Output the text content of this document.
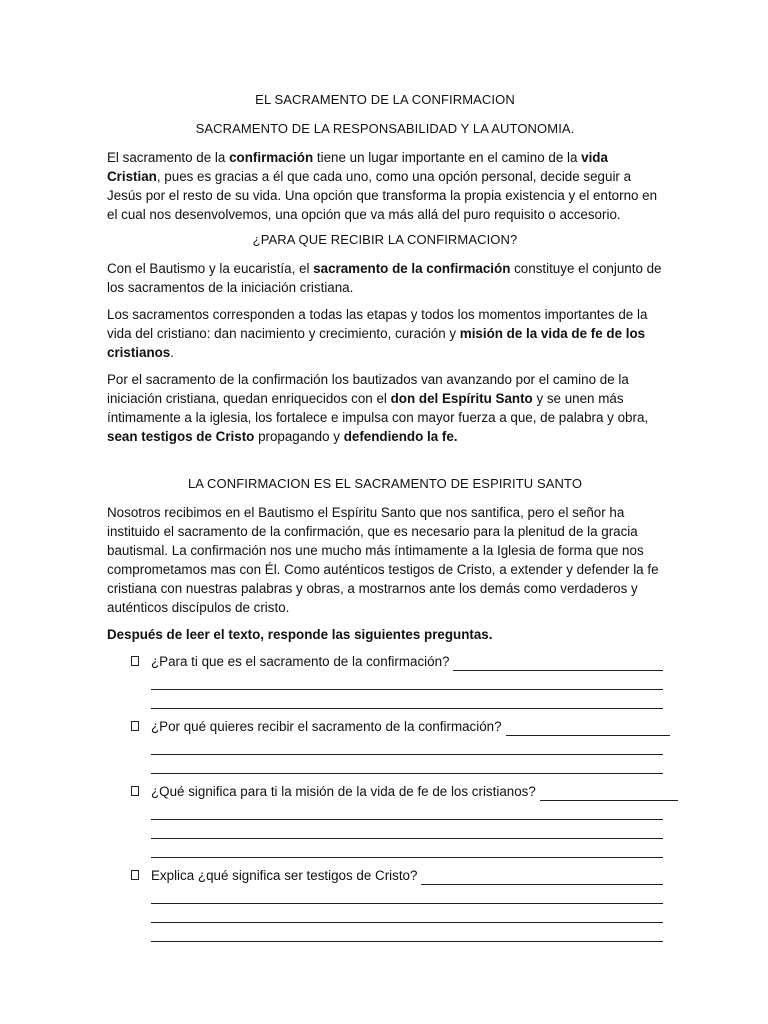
EL SACRAMENTO DE LA CONFIRMACION

SACRAMENTO DE LA RESPONSABILIDAD Y LA AUTONOMIA.

El sacramento de la confirmación tiene un lugar importante en el camino de la vida Cristian, pues es gracias a él que cada uno, como una opción personal, decide seguir a Jesús por el resto de su vida. Una opción que transforma la propia existencia y el entorno en el cual nos desenvolvemos, una opción que va más allá del puro requisito o accesorio.

¿PARA QUE RECIBIR LA CONFIRMACION?

Con el Bautismo y la eucaristía, el sacramento de la confirmación constituye el conjunto de los sacramentos de la iniciación cristiana.

Los sacramentos corresponden a todas las etapas y todos los momentos importantes de la vida del cristiano: dan nacimiento y crecimiento, curación y misión de la vida de fe de los cristianos.

Por el sacramento de la confirmación los bautizados van avanzando por el camino de la iniciación cristiana, quedan enriquecidos con el don del Espíritu Santo y se unen más íntimamente a la iglesia, los fortalece e impulsa con mayor fuerza a que, de palabra y obra, sean testigos de Cristo propagando y defendiendo la fe.

LA CONFIRMACION ES EL SACRAMENTO DE ESPIRITU SANTO

Nosotros recibimos en el Bautismo el Espíritu Santo que nos santifica, pero el señor ha instituido el sacramento de la confirmación, que es necesario para la plenitud de la gracia bautismal. La confirmación nos une mucho más íntimamente a la Iglesia de forma que nos comprometamos mas con Él. Como auténticos testigos de Cristo, a extender y defender la fe cristiana con nuestras palabras y obras, a mostrarnos ante los demás como verdaderos y auténticos discípulos de cristo.

Después de leer el texto, responde las siguientes preguntas.

¿Para ti que es el sacramento de la confirmación?
¿Por qué quieres recibir el sacramento de la confirmación?
¿Qué significa para ti la misión de la vida de fe de los cristianos?
Explica ¿qué significa ser testigos de Cristo?
